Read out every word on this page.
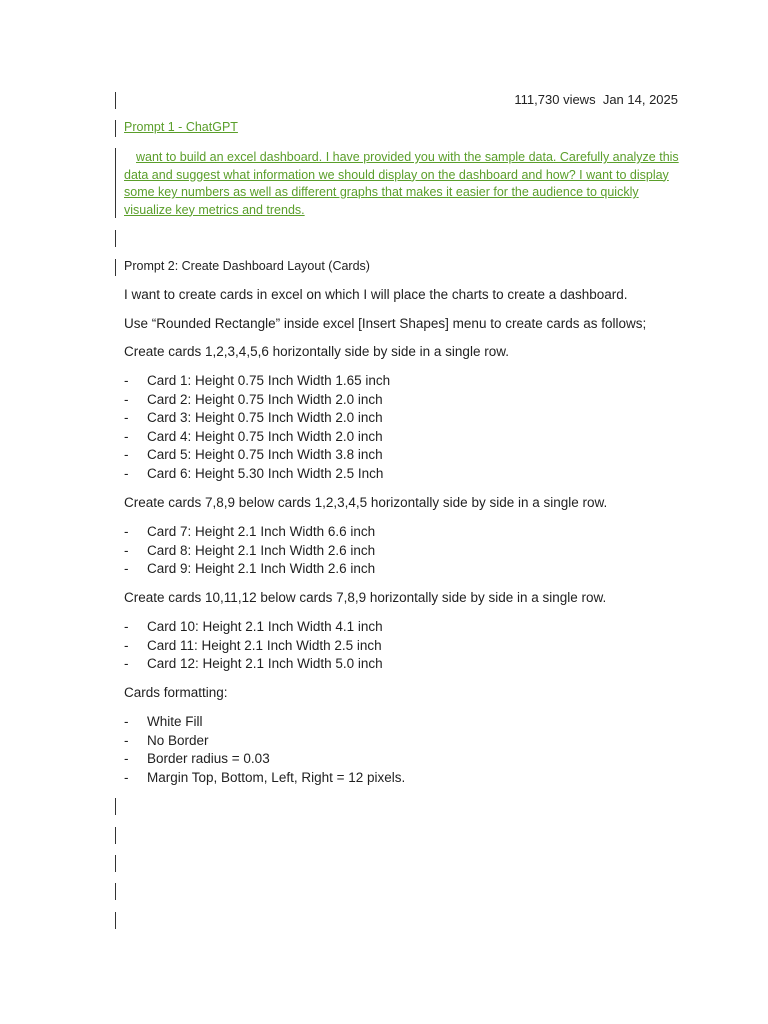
111,730 views Jan 14, 2025
Prompt 1 - ChatGPT
want to build an excel dashboard. I have provided you with the sample data. Carefully analyze this data and suggest what information we should display on the dashboard and how? I want to display some key numbers as well as different graphs that makes it easier for the audience to quickly visualize key metrics and trends.
Prompt 2: Create Dashboard Layout (Cards)
I want to create cards in excel on which I will place the charts to create a dashboard.
Use “Rounded Rectangle” inside excel [Insert Shapes] menu to create cards as follows;
Create cards 1,2,3,4,5,6 horizontally side by side in a single row.
- Card 1: Height 0.75 Inch Width 1.65 inch
- Card 2: Height 0.75 Inch Width 2.0 inch
- Card 3: Height 0.75 Inch Width 2.0 inch
- Card 4: Height 0.75 Inch Width 2.0 inch
- Card 5: Height 0.75 Inch Width 3.8 inch
- Card 6: Height 5.30 Inch Width 2.5 Inch
Create cards 7,8,9 below cards 1,2,3,4,5 horizontally side by side in a single row.
- Card 7: Height 2.1 Inch Width 6.6 inch
- Card 8: Height 2.1 Inch Width 2.6 inch
- Card 9: Height 2.1 Inch Width 2.6 inch
Create cards 10,11,12 below cards 7,8,9 horizontally side by side in a single row.
- Card 10: Height 2.1 Inch Width 4.1 inch
- Card 11: Height 2.1 Inch Width 2.5 inch
- Card 12: Height 2.1 Inch Width 5.0 inch
Cards formatting:
- White Fill
- No Border
- Border radius = 0.03
- Margin Top, Bottom, Left, Right = 12 pixels.
